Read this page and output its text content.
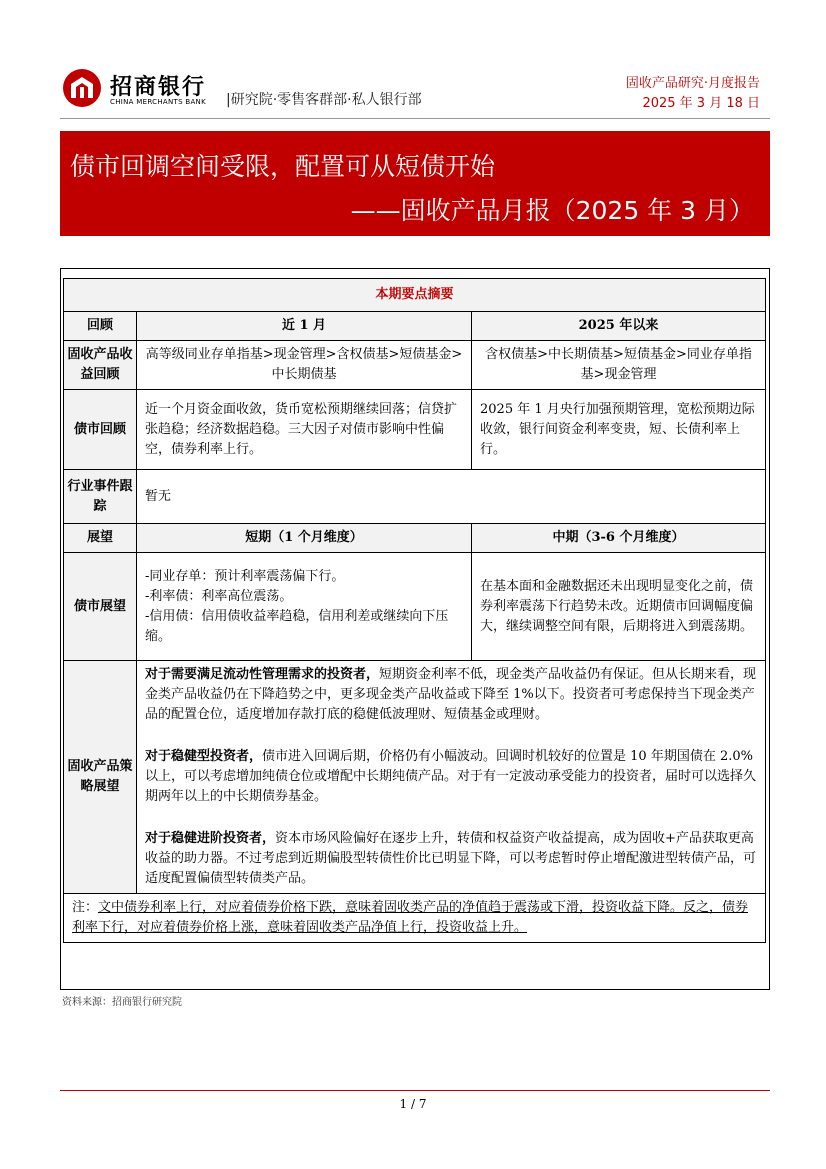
招商银行
CHINA MERCHANTS BANK |研究院·零售客群部·私人银行部
固收产品研究·月度报告
2025 年 3 月 18 日
债市回调空间受限，配置可从短债开始
——固收产品月报（2025 年 3 月）
本期要点摘要		
回顾	近 1 月	2025 年以来
固收产品收益回顾	高等级同业存单指基>现金管理>含权债基>短债基金>中长期债基	含权债基>中长期债基>短债基金>同业存单指基>现金管理
债市回顾	近一个月资金面收敛，货币宽松预期继续回落；信贷扩张趋稳；经济数据趋稳。三大因子对债市影响中性偏空，债券利率上行。	2025 年 1 月央行加强预期管理，宽松预期边际收敛，银行间资金利率变贵，短、长债利率上行。
行业事件跟踪	暂无	
展望	短期（1 个月维度）	中期（3-6 个月维度）
债市展望	-同业存单：预计利率震荡偏下行。

-利率债：利率高位震荡。

-信用债：信用债收益率趋稳，信用利差或继续向下压缩。	在基本面和金融数据还未出现明显变化之前，债券利率震荡下行趋势未改。近期债市回调幅度偏大，继续调整空间有限，后期将进入到震荡期。
固收产品策略展望	对于需要满足流动性管理需求的投资者，短期资金利率不低，现金类产品收益仍有保证。但从长期来看，现金类产品收益仍在下降趋势之中，更多现金类产品收益或下降至 1%以下。投资者可考虑保持当下现金类产品的配置仓位，适度增加存款打底的稳健低波理财、短债基金或理财。

对于稳健型投资者，债市进入回调后期，价格仍有小幅波动。回调时机较好的位置是 10 年期国债在 2.0%以上，可以考虑增加纯债仓位或增配中长期纯债产品。对于有一定波动承受能力的投资者，届时可以选择久期两年以上的中长期债券基金。

对于稳健进阶投资者，资本市场风险偏好在逐步上升，转债和权益资产收益提高，成为固收+产品获取更高收益的助力器。不过考虑到近期偏股型转债性价比已明显下降，可以考虑暂时停止增配激进型转债产品，可适度配置偏债型转债类产品。	

注：文中债券利率上行，对应着债券价格下跌，意味着固收类产品的净值趋于震荡或下滑，投资收益下降。反之，债券利率下行，对应着债券价格上涨，意味着固收类产品净值上行，投资收益上升。		
资料来源：招商银行研究院
1 / 7
